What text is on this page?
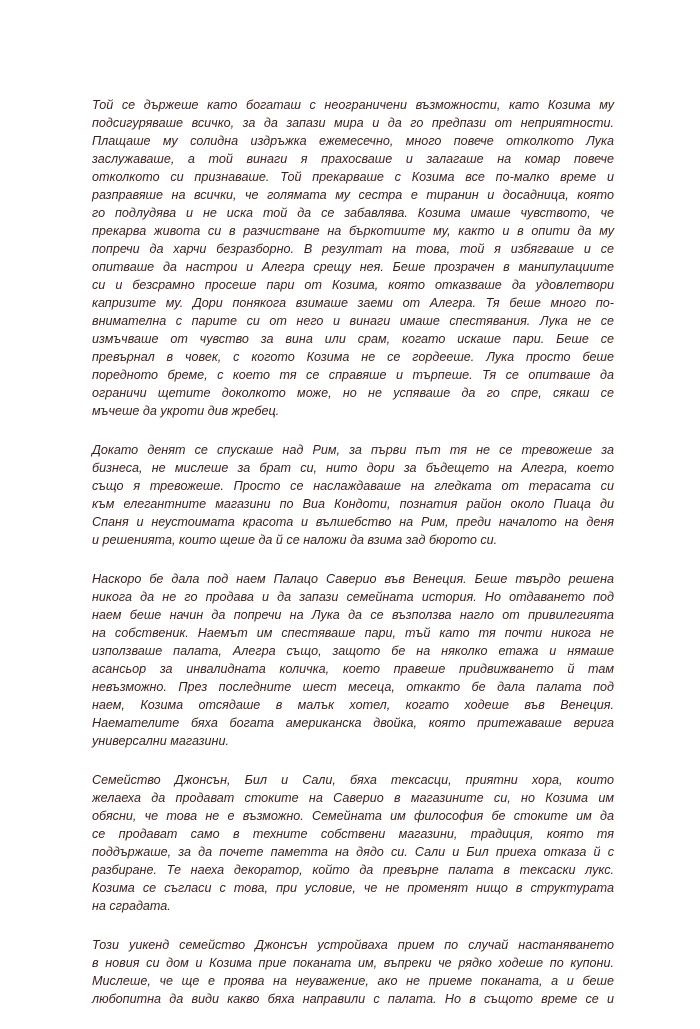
Той се държеше като богаташ с неограничени възможности, като Козима му
подсигуряваше всичко, за да запази мира и да го предпази от неприятности.
Плащаше му солидна издръжка ежемесечно, много повече отколкото Лука
заслужаваше, а той винаги я прахосваше и залагаше на комар повече
отколкото си признаваше. Той прекарваше с Козима все по-малко време и
разправяше на всички, че голямата му сестра е тиранин и досадница, която
го подлудява и не иска той да се забавлява. Козима имаше чувството, че
прекарва живота си в разчистване на бъркотиите му, както и в опити да му
попречи да харчи безразборно. В резултат на това, той я избягваше и се
опитваше да настрои и Алегра срещу нея. Беше прозрачен в манипулациите
си и безсрамно просеше пари от Козима, която отказваше да удовлетвори
капризите му. Дори понякога взимаше заеми от Алегра. Тя беше много по-
внимателна с парите си от него и винаги имаше спестявания. Лука не се
измъчваше от чувство за вина или срам, когато искаше пари. Беше се
превърнал в човек, с когото Козима не се гордееше. Лука просто беше
поредното бреме, с което тя се справяше и търпеше. Тя се опитваше да
ограничи щетите доколкото може, но не успяваше да го спре, сякаш се
мъчеше да укроти див жребец.

Докато денят се спускаше над Рим, за първи път тя не се тревожеше за
бизнеса, не мислеше за брат си, нито дори за бъдещето на Алегра, което
също я тревожеше. Просто се наслаждаваше на гледката от терасата си
към елегантните магазини по Виа Кондоти, познатия район около Пиаца ди
Спаня и неустоимата красота и вълшебство на Рим, преди началото на деня
и решенията, които щеше да й се наложи да взима зад бюрото си.

Наскоро бе дала под наем Палацо Саверио във Венеция. Беше твърдо решена
никога да не го продава и да запази семейната история. Но отдаването под
наем беше начин да попречи на Лука да се възползва нагло от привилегията
на собственик. Наемът им спестяваше пари, тъй като тя почти никога не
използваше палата, Алегра също, защото бе на няколко етажа и нямаше
асансьор за инвалидната количка, което правеше придвижването й там
невъзможно. През последните шест месеца, откакто бе дала палата под
наем, Козима отсядаше в малък хотел, когато ходеше във Венеция.
Наемателите бяха богата американска двойка, която притежаваше верига
универсални магазини.

Семейство Джонсън, Бил и Сали, бяха тексасци, приятни хора, които
желаеха да продават стоките на Саверио в магазините си, но Козима им
обясни, че това не е възможно. Семейната им философия бе стоките им да
се продават само в техните собствени магазини, традиция, която тя
поддържаше, за да почете паметта на дядо си. Сали и Бил приеха отказа й с
разбиране. Те наеха декоратор, който да превърне палата в тексаски лукс.
Козима се съгласи с това, при условие, че не променят нищо в структурата
на сградата.

Този уикенд семейство Джонсън устройваха прием по случай настаняването
в новия си дом и Козима прие поканата им, въпреки че рядко ходеше по купони.
Мислеше, че ще е проява на неуважение, ако не приеме поканата, а и беше
любопитна да види какво бяха направили с палата. Но в същото време се и
